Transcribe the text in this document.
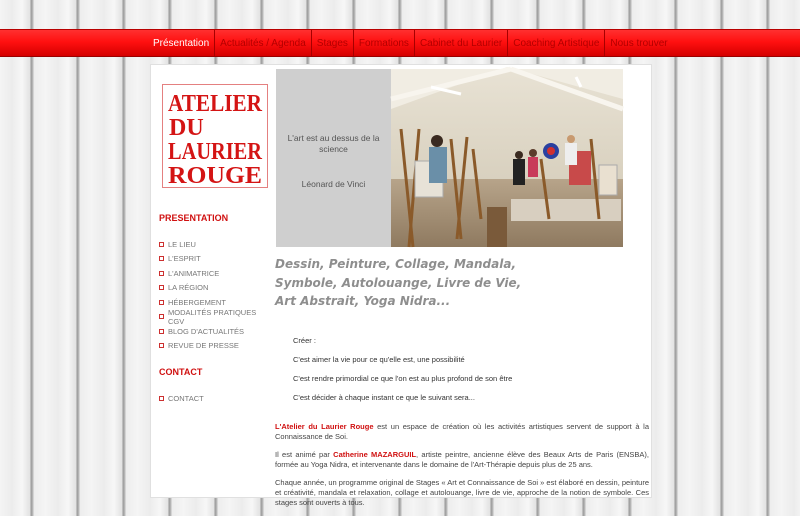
Présentation	Actualités / Agenda	Stages	Formations	Cabinet du Laurier	Coaching Artistique	Nous trouver
ATELIER
DU
LAURIER
ROUGE
PRESENTATION
LE LIEU
L'ESPRIT
L'ANIMATRICE
LA RÉGION
HÉBERGEMENT
MODALITÉS PRATIQUES CGV
BLOG D'ACTUALITÉS
REVUE DE PRESSE
CONTACT
CONTACT
L'art est au dessus de la science
Léonard de Vinci
Dessin, Peinture, Collage, Mandala,
Symbole, Autolouange, Livre de Vie,
Art Abstrait, Yoga Nidra...

Créer :

C'est aimer la vie pour ce qu'elle est, une possibilité

C'est rendre primordial ce que l'on est au plus profond de son être

C'est décider à chaque instant ce que le suivant sera...

L'Atelier du Laurier Rouge est un espace de création où les activités artistiques servent de support à la Connaissance de Soi.

Il est animé par Catherine MAZARGUIL, artiste peintre, ancienne élève des Beaux Arts de Paris (ENSBA), formée au Yoga Nidra, et intervenante dans le domaine de l'Art-Thérapie depuis plus de 25 ans.

Chaque année, un programme original de Stages « Art et Connaissance de Soi » est élaboré en dessin, peinture et créativité, mandala et relaxation, collage et autolouange, livre de vie, approche de la notion de symbole. Ces stages sont ouverts à tous.
